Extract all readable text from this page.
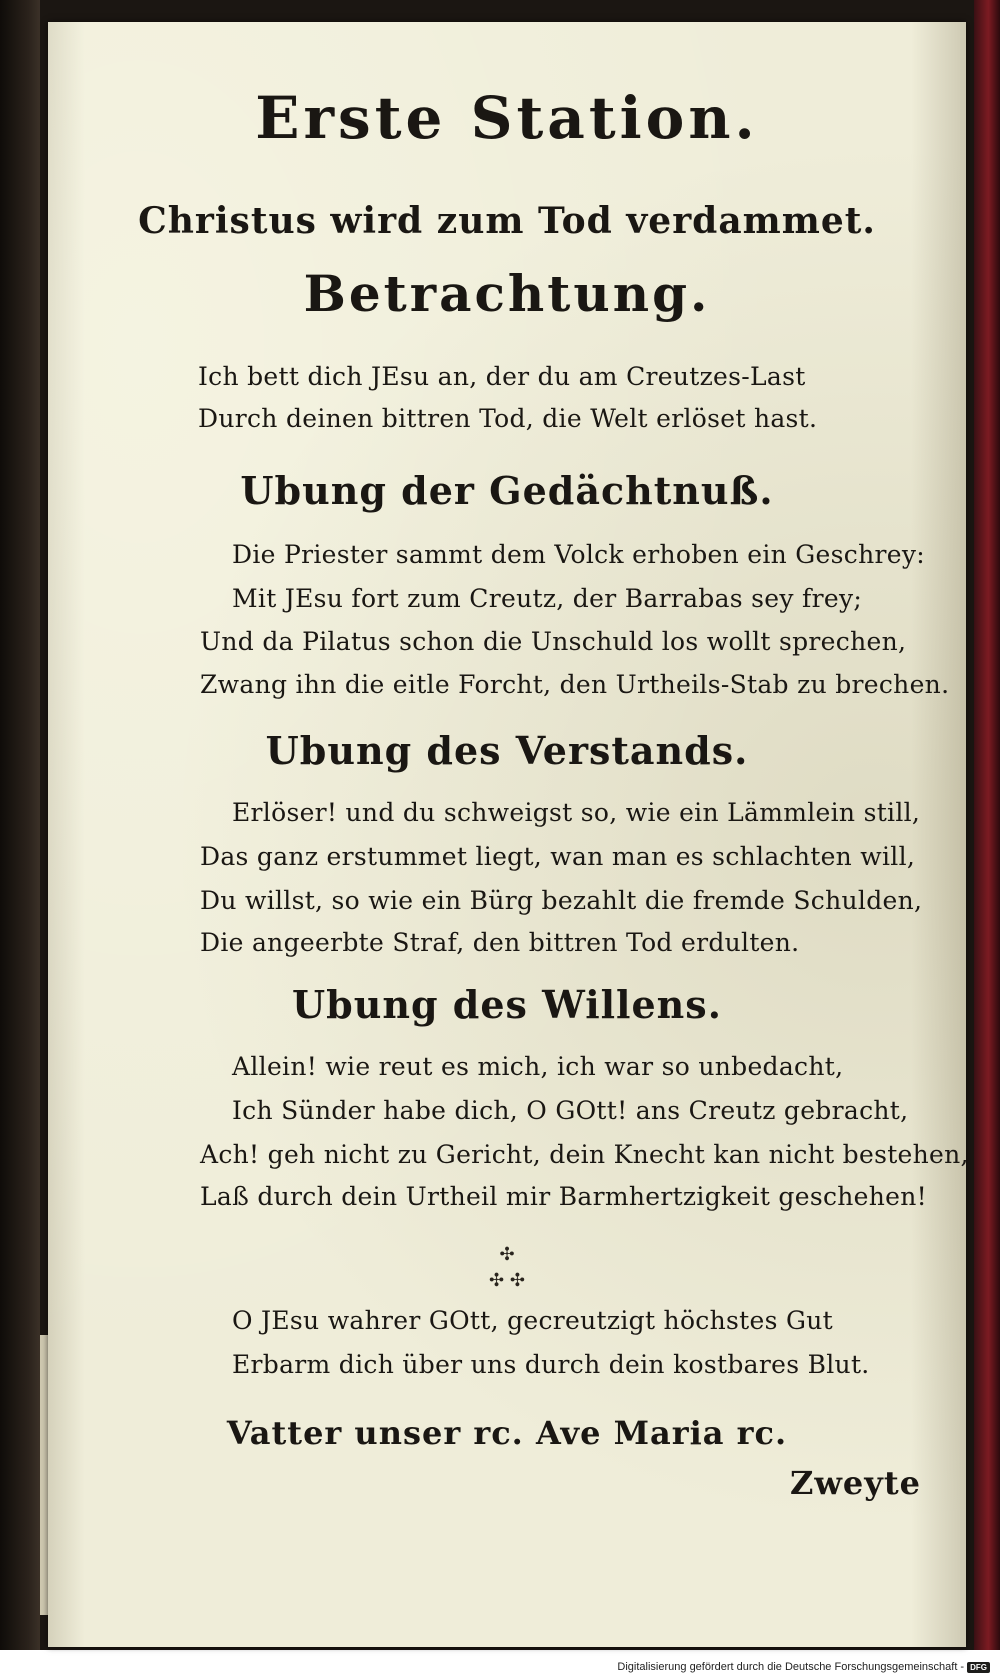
Erste Station.
Christus wird zum Tod verdammet.
Betrachtung.
Ich bett dich JEsu an, der du am Creutzes-Last
Durch deinen bittren Tod, die Welt erlöset hast.
Ubung der Gedächtnuß.
Die Priester sammt dem Volck erhoben ein Geschrey:
Mit JEsu fort zum Creutz, der Barrabas sey frey;
Und da Pilatus schon die Unschuld los wollt sprechen,
Zwang ihn die eitle Forcht, den Urtheils-Stab zu brechen.
Ubung des Verstands.
Erlöser! und du schweigst so, wie ein Lämmlein still,
Das ganz erstummet liegt, wan man es schlachten will,
Du willst, so wie ein Bürg bezahlt die fremde Schulden,
Die angeerbte Straf, den bittren Tod erdulten.
Ubung des Willens.
Allein! wie reut es mich, ich war so unbedacht,
Ich Sünder habe dich, O GOtt! ans Creutz gebracht,
Ach! geh nicht zu Gericht, dein Knecht kan nicht bestehen,
Laß durch dein Urtheil mir Barmhertzigkeit geschehen!
✣
✣ ✣
O JEsu wahrer GOtt, gecreutzigt höchstes Gut
Erbarm dich über uns durch dein kostbares Blut.
Vatter unser rc. Ave Maria rc.
Zweyte
Digitalisierung gefördert durch die Deutsche Forschungsgemeinschaft - DFG
